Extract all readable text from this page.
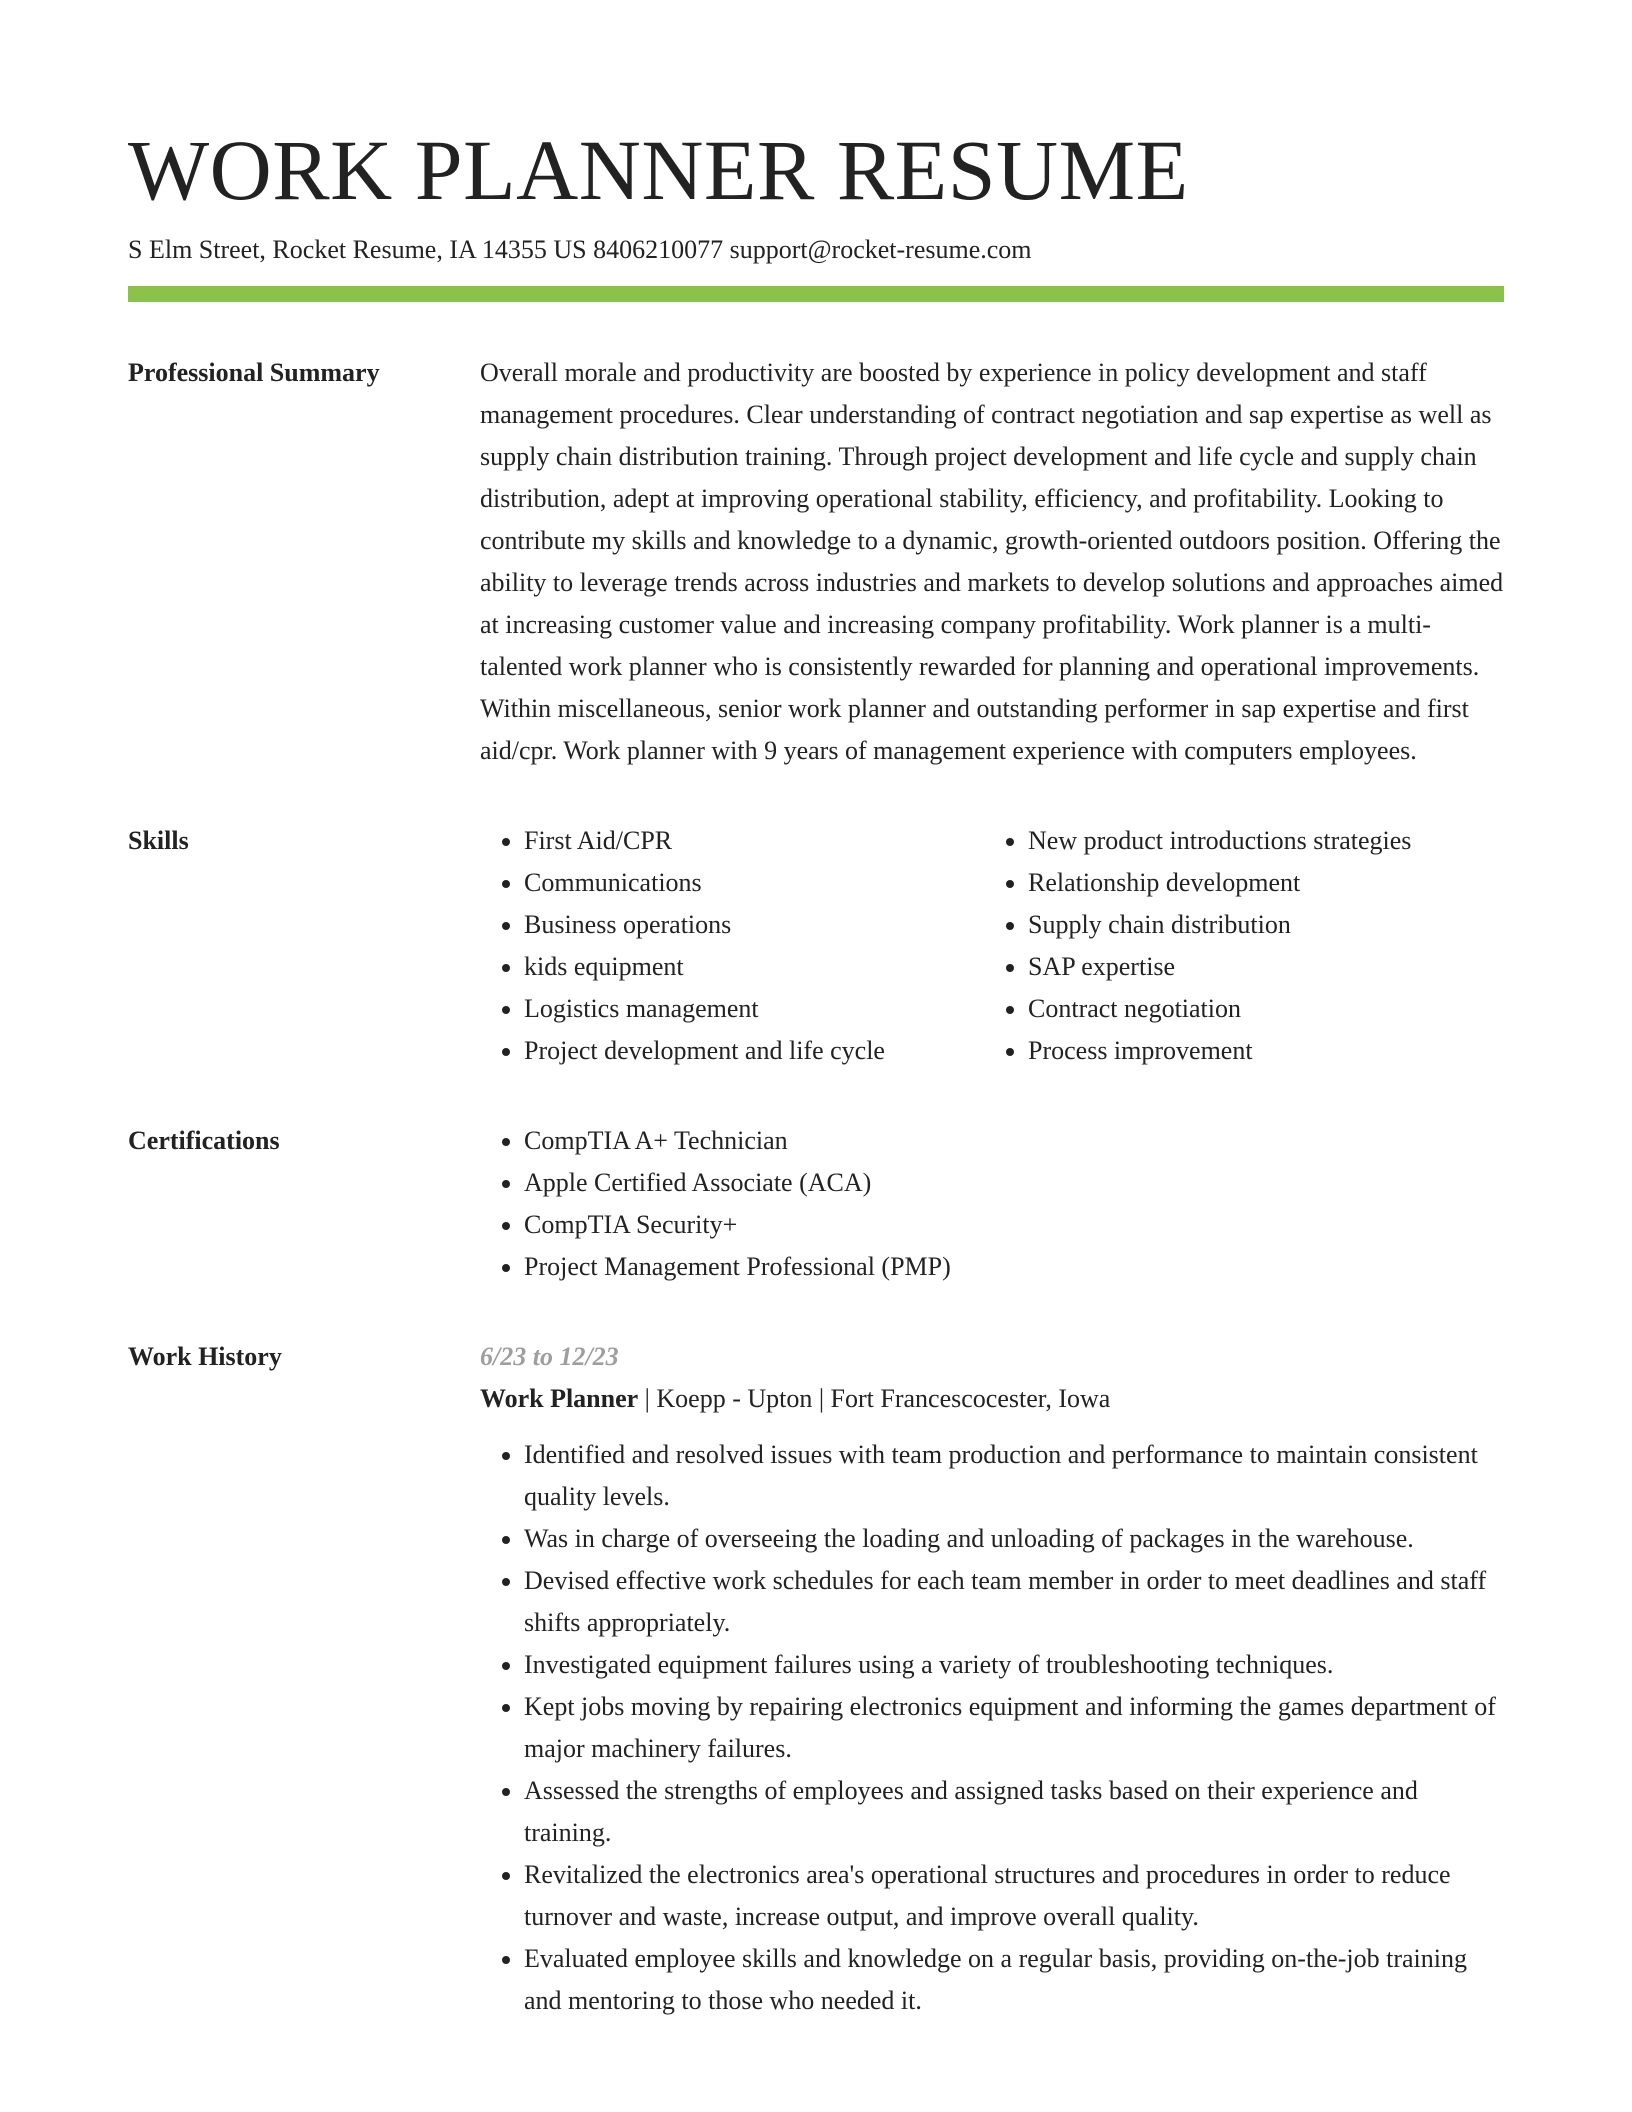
WORK PLANNER RESUME
S Elm Street, Rocket Resume, IA 14355 US 8406210077 support@rocket-resume.com
Professional Summary	Overall morale and productivity are boosted by experience in policy development and staff management procedures. Clear understanding of contract negotiation and sap expertise as well as supply chain distribution training. Through project development and life cycle and supply chain distribution, adept at improving operational stability, efficiency, and profitability. Looking to contribute my skills and knowledge to a dynamic, growth-oriented outdoors position. Offering the ability to leverage trends across industries and markets to develop solutions and approaches aimed at increasing customer value and increasing company profitability. Work planner is a multi-talented work planner who is consistently rewarded for planning and operational improvements. Within miscellaneous, senior work planner and outstanding performer in sap expertise and first aid/cpr. Work planner with 9 years of management experience with computers employees.

Skills	• First Aid/CPR
• Communications
• Business operations
• kids equipment
• Logistics management
• Project development and life cycle
• New product introductions strategies
• Relationship development
• Supply chain distribution
• SAP expertise
• Contract negotiation
• Process improvement
Certifications	• CompTIA A+ Technician
• Apple Certified Associate (ACA)
• CompTIA Security+
• Project Management Professional (PMP)
Work History	6/23 to 12/23
Work Planner | Koepp - Upton | Fort Francescocester, Iowa
• Identified and resolved issues with team production and performance to maintain consistent quality levels.
• Was in charge of overseeing the loading and unloading of packages in the warehouse.
• Devised effective work schedules for each team member in order to meet deadlines and staff shifts appropriately.
• Investigated equipment failures using a variety of troubleshooting techniques.
• Kept jobs moving by repairing electronics equipment and informing the games department of major machinery failures.
• Assessed the strengths of employees and assigned tasks based on their experience and training.
• Revitalized the electronics area's operational structures and procedures in order to reduce turnover and waste, increase output, and improve overall quality.
• Evaluated employee skills and knowledge on a regular basis, providing on-the-job training and mentoring to those who needed it.
